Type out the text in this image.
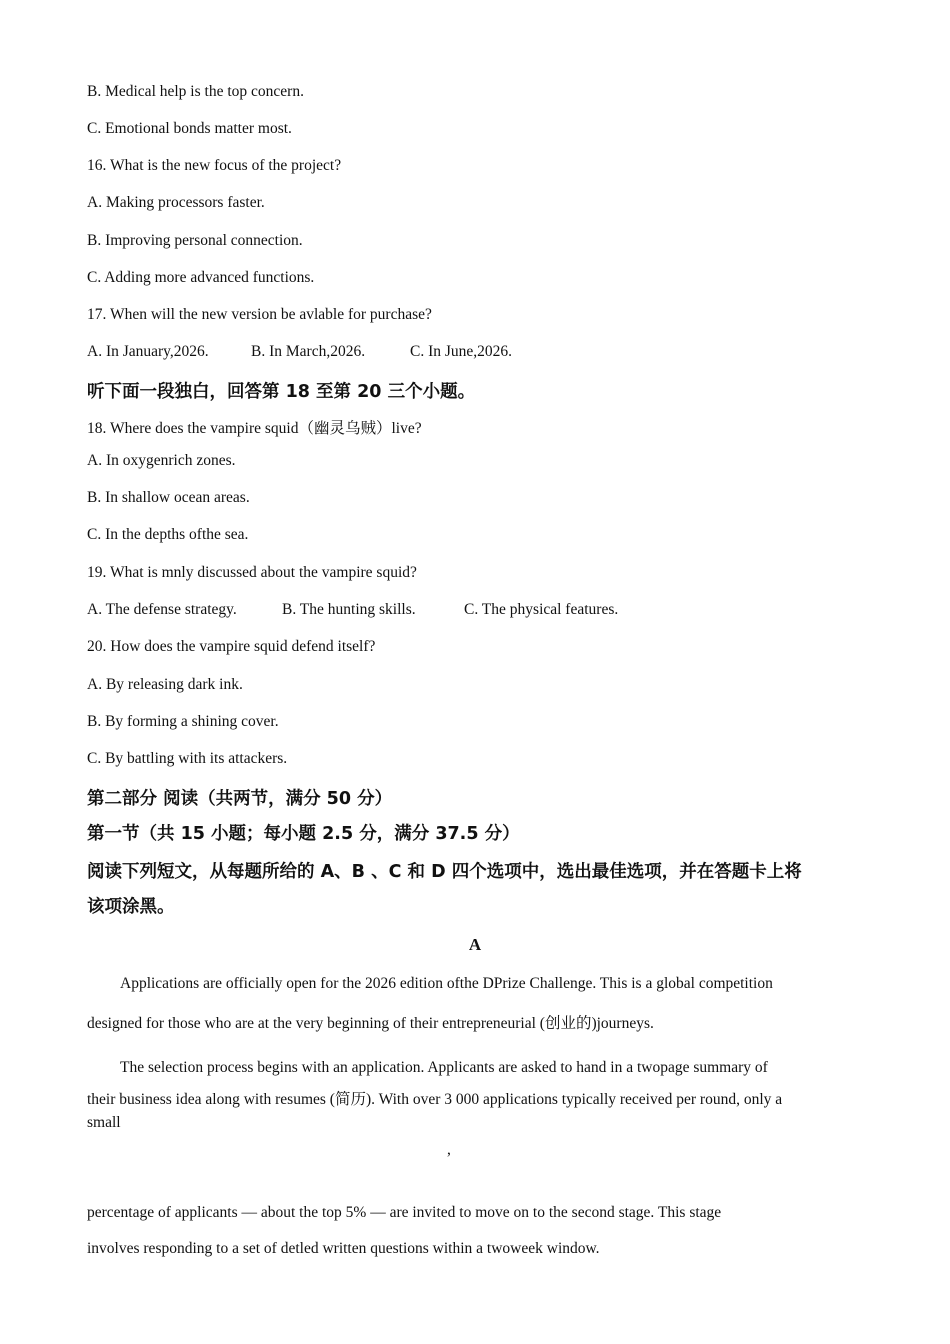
B. Medical help is the top concern.
C. Emotional bonds matter most.
16. What is the new focus of the project?
A. Making processors faster.
B. Improving personal connection.
C. Adding more advanced functions.
17. When will the new version be avlable for purchase?
A. In January,2026.	B. In March,2026.	C. In June,2026.
听下面一段独白，回答第 18 至第 20 三个小题。
18. Where does the vampire squid（幽灵乌贼）live?
A. In oxygenrich zones.
B. In shallow ocean areas.
C. In the depths ofthe sea.
19. What is mnly discussed about the vampire squid?
A. The defense strategy.	B. The hunting skills.	C. The physical features.
20. How does the vampire squid defend itself?
A. By releasing dark ink.
B. By forming a shining cover.
C. By battling with its attackers.
第二部分 阅读（共两节，满分 50 分）
第一节（共 15 小题；每小题 2.5 分，满分 37.5 分）
阅读下列短文，从每题所给的 A、B 、C 和 D 四个选项中，选出最佳选项，并在答题卡上将
该项涂黑。
A
Applications are officially open for the 2026 edition ofthe DPrize Challenge. This is a global competition
designed for those who are at the very beginning of their entrepreneurial (创业的)journeys.
The selection process begins with an application. Applicants are asked to hand in a twopage summary of
their business idea along with resumes (简历). With over 3 000 applications typically received per round, only a
small
,
percentage of applicants — about the top 5% — are invited to move on to the second stage. This stage
involves responding to a set of detled written questions within a twoweek window.
